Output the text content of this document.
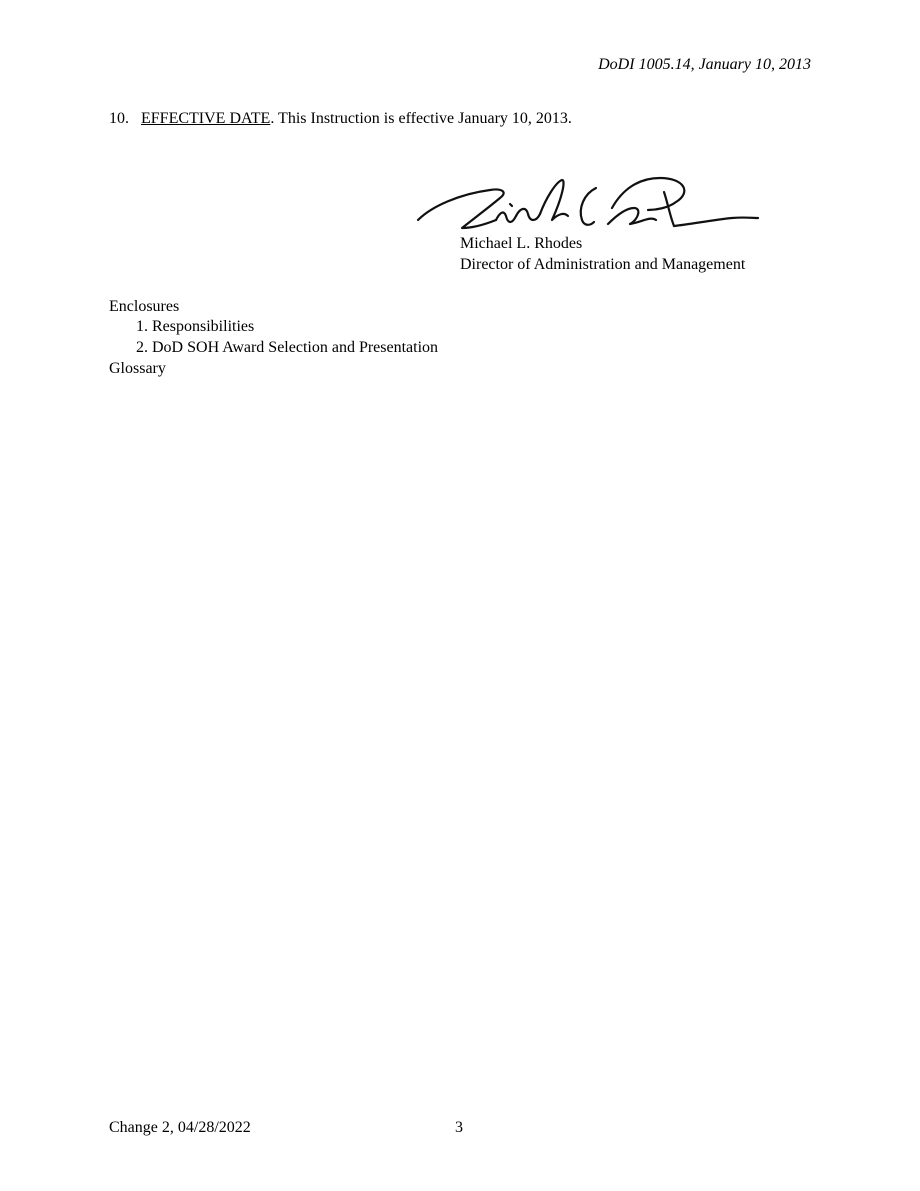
DoDI 1005.14, January 10, 2013
10. EFFECTIVE DATE. This Instruction is effective January 10, 2013.
Michael L. Rhodes
Director of Administration and Management
Enclosures
1. Responsibilities
2. DoD SOH Award Selection and Presentation
Glossary
Change 2, 04/28/2022	3
